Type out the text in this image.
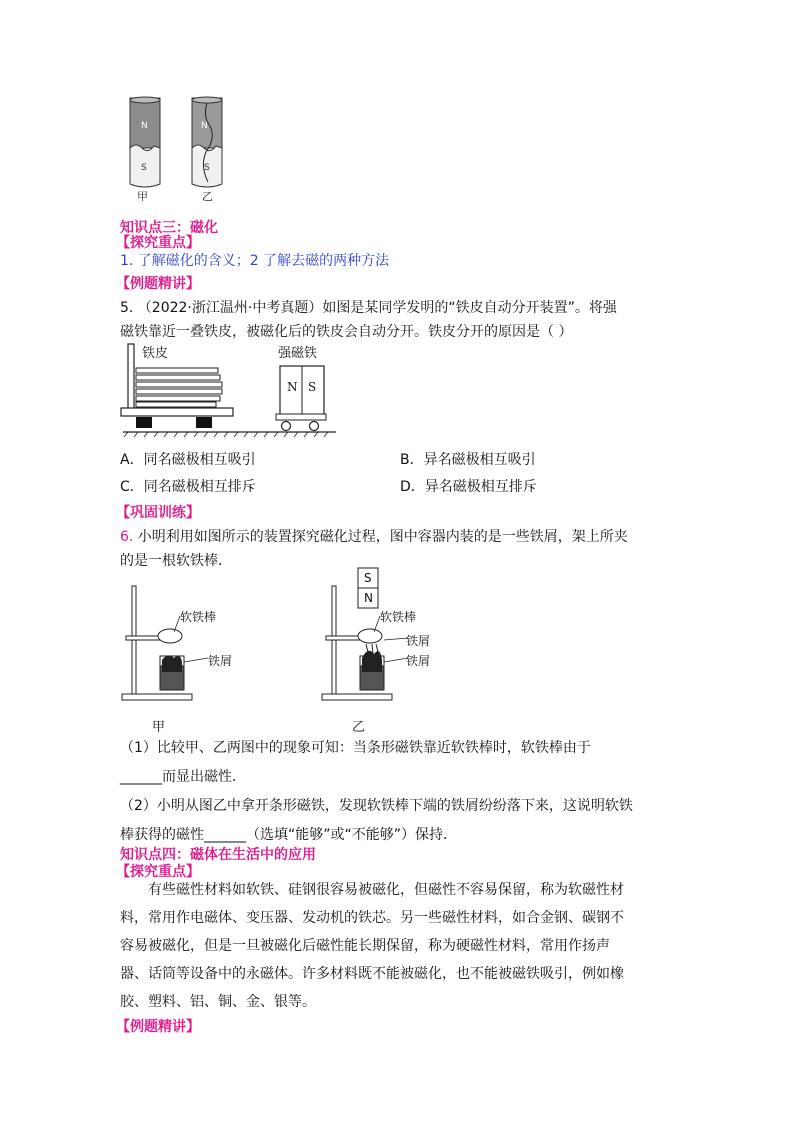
N
S
甲
N
S
乙
知识点三：磁化
【探究重点】
1. 了解磁化的含义；2 了解去磁的两种方法
【例题精讲】
5. （2022·浙江温州·中考真题）如图是某同学发明的“铁皮自动分开装置”。将强
磁铁靠近一叠铁皮，被磁化后的铁皮会自动分开。铁皮分开的原因是（ ）
铁皮	强磁铁
N S
A．同名磁极相互吸引	B．异名磁极相互吸引
C．同名磁极相互排斥	D．异名磁极相互排斥
【巩固训练】
6. 小明利用如图所示的装置探究磁化过程，图中容器内装的是一些铁屑，架上所夹
的是一根软铁棒．
软铁棒
铁屑
软铁棒
铁屑
铁屑
S
N
甲	乙
（1）比较甲、乙两图中的现象可知：当条形磁铁靠近软铁棒时，软铁棒由于
______而显出磁性．
（2）小明从图乙中拿开条形磁铁，发现软铁棒下端的铁屑纷纷落下来，这说明软铁
棒获得的磁性______（选填“能够”或“不能够”）保持．
知识点四：磁体在生活中的应用
【探究重点】
有些磁性材料如软铁、硅钢很容易被磁化，但磁性不容易保留，称为软磁性材
料，常用作电磁体、变压器、发动机的铁芯。另一些磁性材料，如合金钢、碳钢不
容易被磁化，但是一旦被磁化后磁性能长期保留，称为硬磁性材料，常用作扬声
器、话筒等设备中的永磁体。许多材料既不能被磁化，也不能被磁铁吸引，例如橡
胶、塑料、铝、铜、金、银等。
【例题精讲】
